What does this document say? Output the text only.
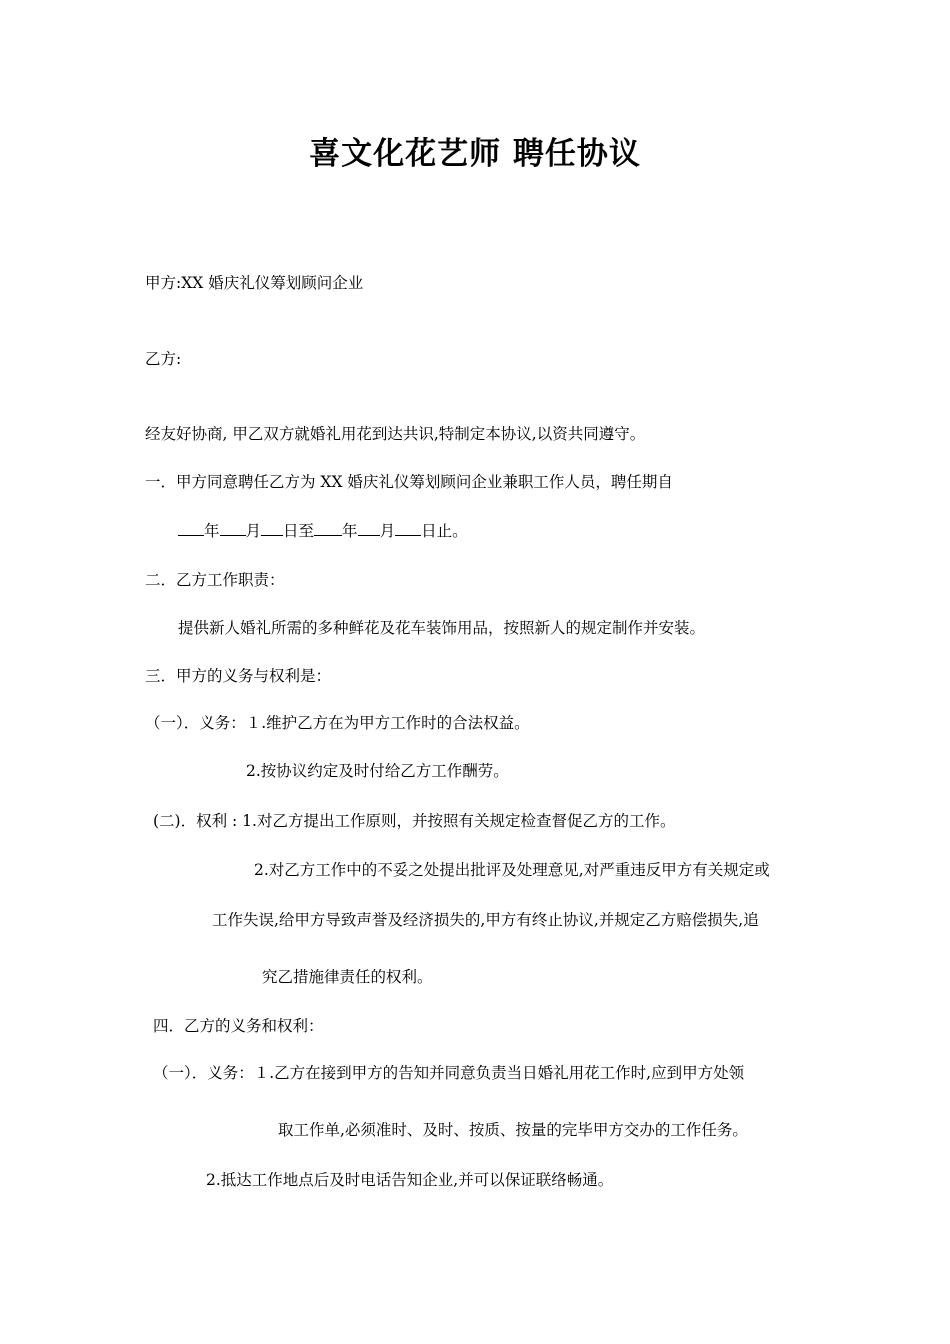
喜文化花艺师 聘任协议
甲方:XX 婚庆礼仪筹划顾问企业
乙方:
经友好协商, 甲乙双方就婚礼用花到达共识,特制定本协议,以资共同遵守。
一．甲方同意聘任乙方为 XX 婚庆礼仪筹划顾问企业兼职工作人员，聘任期自
年 月 日至 年 月 日止。
二．乙方工作职责：
提供新人婚礼所需的多种鲜花及花车装饰用品，按照新人的规定制作并安装。
三．甲方的义务与权利是：
（一）．义务：１.维护乙方在为甲方工作时的合法权益。
2.按协议约定及时付给乙方工作酬劳。
(二)．权利 : 1.对乙方提出工作原则，并按照有关规定检查督促乙方的工作。
2.对乙方工作中的不妥之处提出批评及处理意见,对严重违反甲方有关规定或
工作失误,给甲方导致声誉及经济损失的,甲方有终止协议,并规定乙方赔偿损失,追
究乙措施律责任的权利。
四．乙方的义务和权利：
（一）．义务：１.乙方在接到甲方的告知并同意负责当日婚礼用花工作时,应到甲方处领
取工作单,必须准时、及时、按质、按量的完毕甲方交办的工作任务。
2.抵达工作地点后及时电话告知企业,并可以保证联络畅通。
